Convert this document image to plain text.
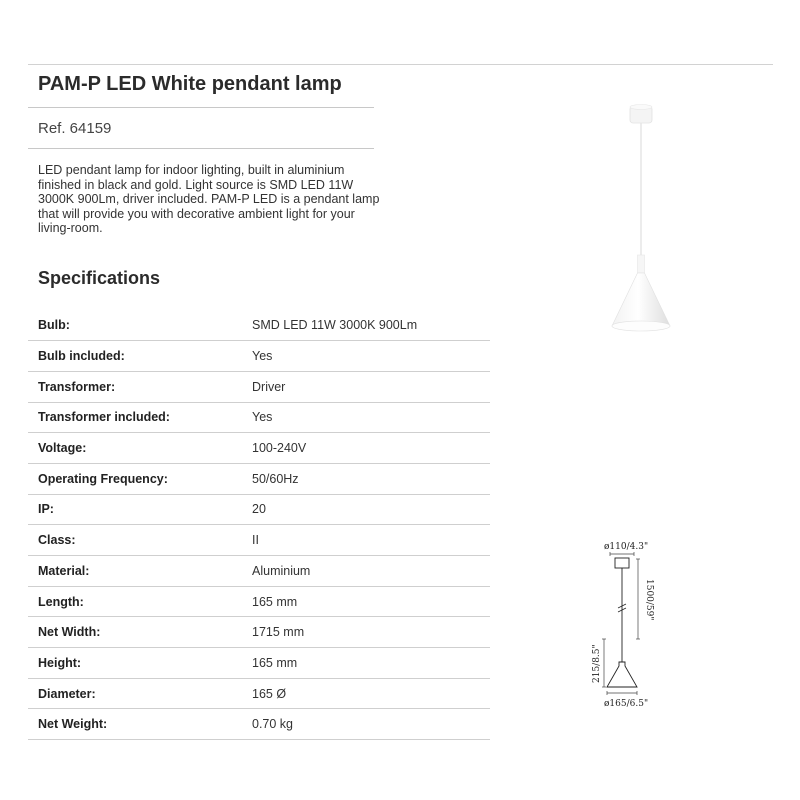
PAM-P LED White pendant lamp

Ref. 64159

LED pendant lamp for indoor lighting, built in aluminium finished in black and gold. Light source is SMD LED 11W 3000K 900Lm, driver included. PAM-P LED is a pendant lamp that will provide you with decorative ambient light for your living-room.

Specifications
Bulb:	SMD LED 11W 3000K 900Lm
Bulb included:	Yes
Transformer:	Driver
Transformer included:	Yes
Voltage:	100-240V
Operating Frequency:	50/60Hz
IP:	20
Class:	II
Material:	Aluminium
Length:	165 mm
Net Width:	1715 mm
Height:	165 mm
Diameter:	165 Ø
Net Weight:	0.70 kg
ø110/4.3"
1500/59"
215/8.5"
ø165/6.5"
